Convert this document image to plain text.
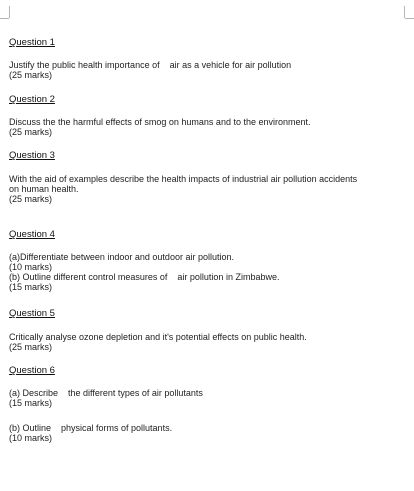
Question 1

Justify the public health importance of    air as a vehicle for air pollution

(25 marks)

Question 2

Discuss the the harmful effects of smog on humans and to the environment.

(25 marks)

Question 3

With the aid of examples describe the health impacts of industrial air pollution accidents

on human health.

(25 marks)

Question 4

(a)Differentiate between indoor and outdoor air pollution.

(10 marks)

(b) Outline different control measures of    air pollution in Zimbabwe.

(15 marks)

Question 5

Critically analyse ozone depletion and it's potential effects on public health.

(25 marks)

Question 6

(a) Describe    the different types of air pollutants

(15 marks)

(b) Outline    physical forms of pollutants.

(10 marks)
